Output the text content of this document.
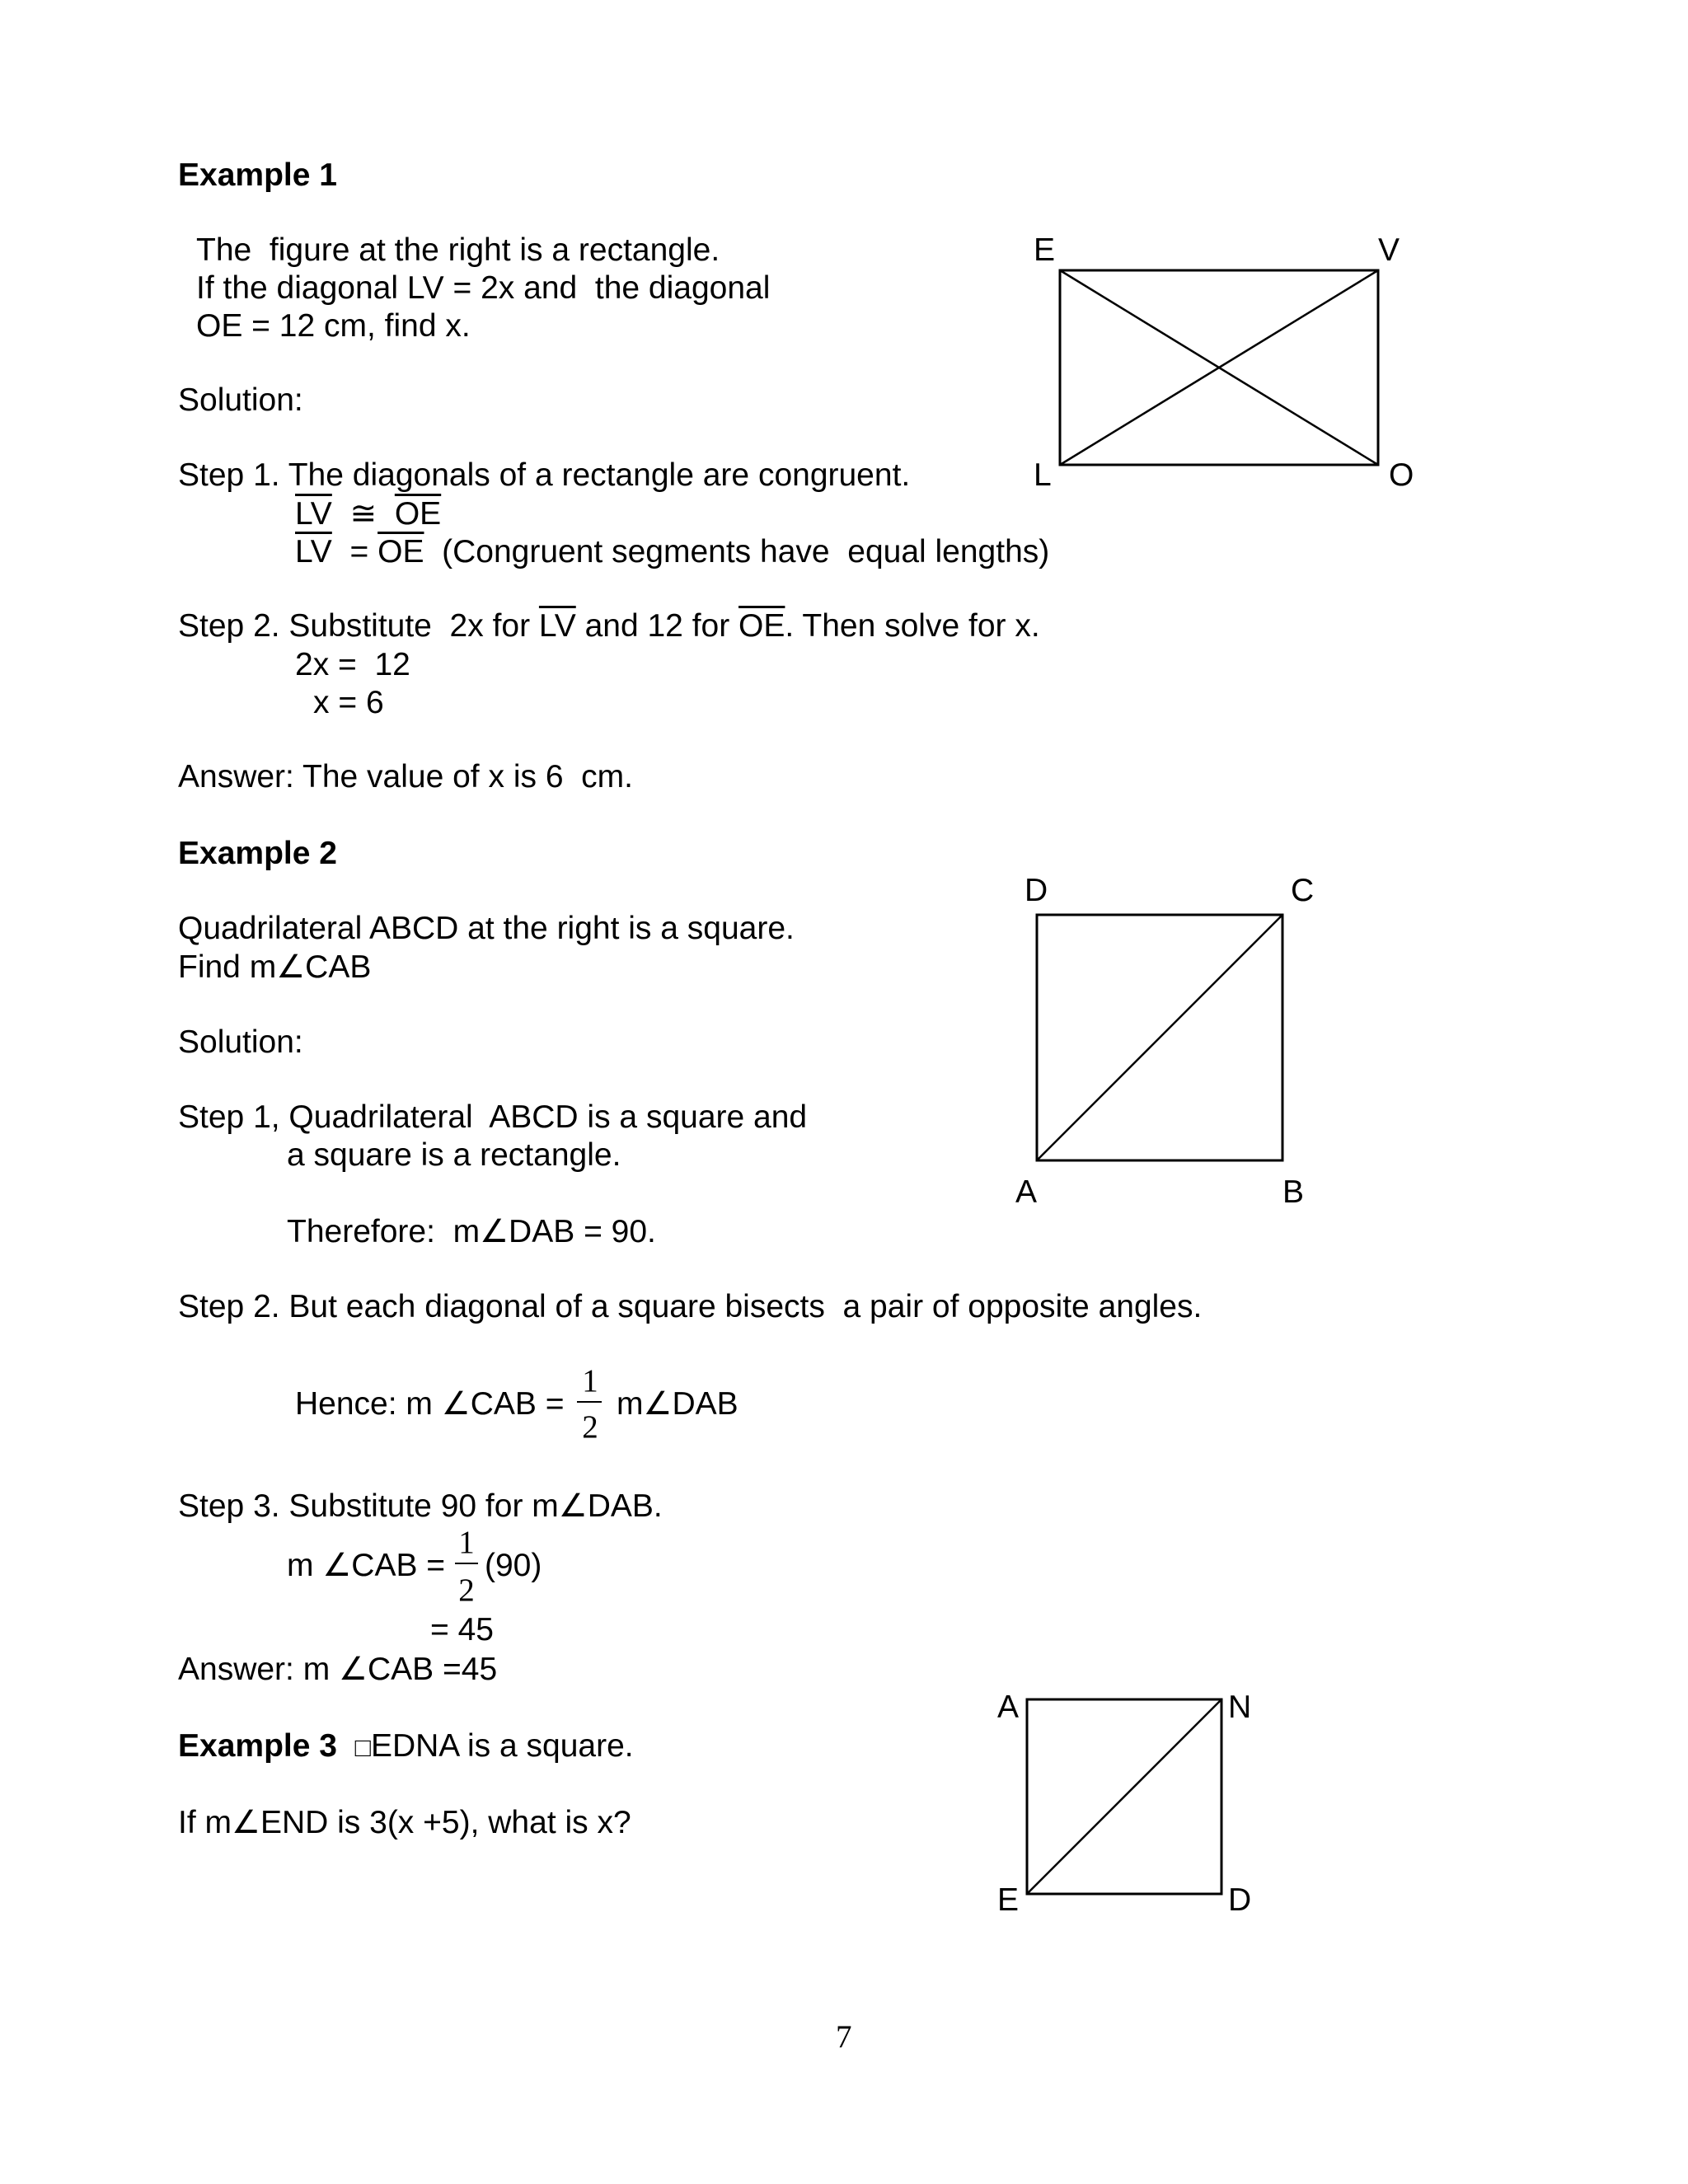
Example 1
The  figure at the right is a rectangle.
If the diagonal LV = 2x and  the diagonal
OE = 12 cm, find x.
Solution:
Step 1. The diagonals of a rectangle are congruent.
$\overline{LV}$ ≅ $\overline{OE}$
$\overline{LV} = \overline{OE}$ (Congruent segments have  equal lengths)
Step 2. Substitute  2x for $\overline{LV}$ and 12 for $\overline{OE}$. Then solve for x.
2x =  12
x = 6
Answer: The value of x is 6  cm.
E	V
L	O
Example 2
Quadrilateral ABCD at the right is a square.
Find m∠CAB
Solution:
Step 1, Quadrilateral  ABCD is a square and
a square is a rectangle.
Therefore:  m∠DAB = 90.
Step 2. But each diagonal of a square bisects  a pair of opposite angles.
Hence: m ∠CAB =
1
2
m∠DAB
Step 3. Substitute 90 for m∠DAB.
m ∠CAB =
1
2
(90)
= 45
Answer: m ∠CAB =45
D	C
A	B
Example 3 □EDNA is a square.
If m∠END is 3(x +5), what is x?
A	N
E	D
7
